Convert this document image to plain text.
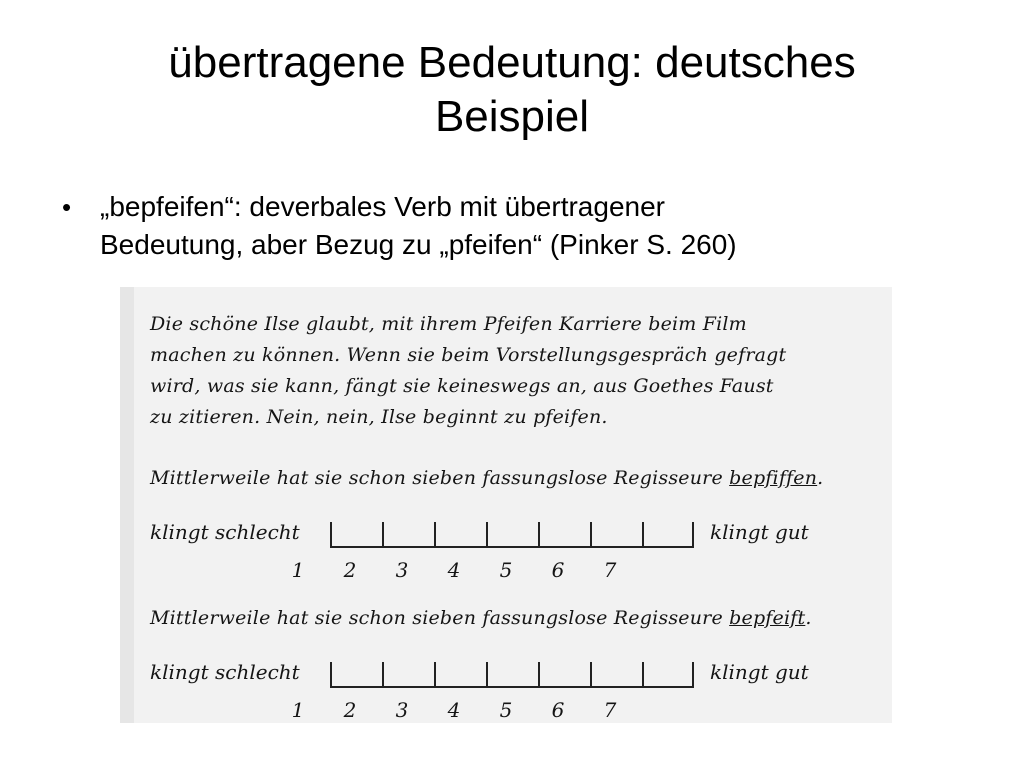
übertragene Bedeutung: deutsches
Beispiel
• „bepfeifen“: deverbales Verb mit übertragener
Bedeutung, aber Bezug zu „pfeifen“ (Pinker S. 260)
Die schöne Ilse glaubt, mit ihrem Pfeifen Karriere beim Film
machen zu können. Wenn sie beim Vorstellungsgespräch gefragt
wird, was sie kann, fängt sie keineswegs an, aus Goethes Faust
zu zitieren. Nein, nein, Ilse beginnt zu pfeifen.
Mittlerweile hat sie schon sieben fassungslose Regisseure bepfiffen.
klingt schlecht	klingt gut
1 2 3 4 5 6 7
Mittlerweile hat sie schon sieben fassungslose Regisseure bepfeift.
klingt schlecht	klingt gut
1 2 3 4 5 6 7
